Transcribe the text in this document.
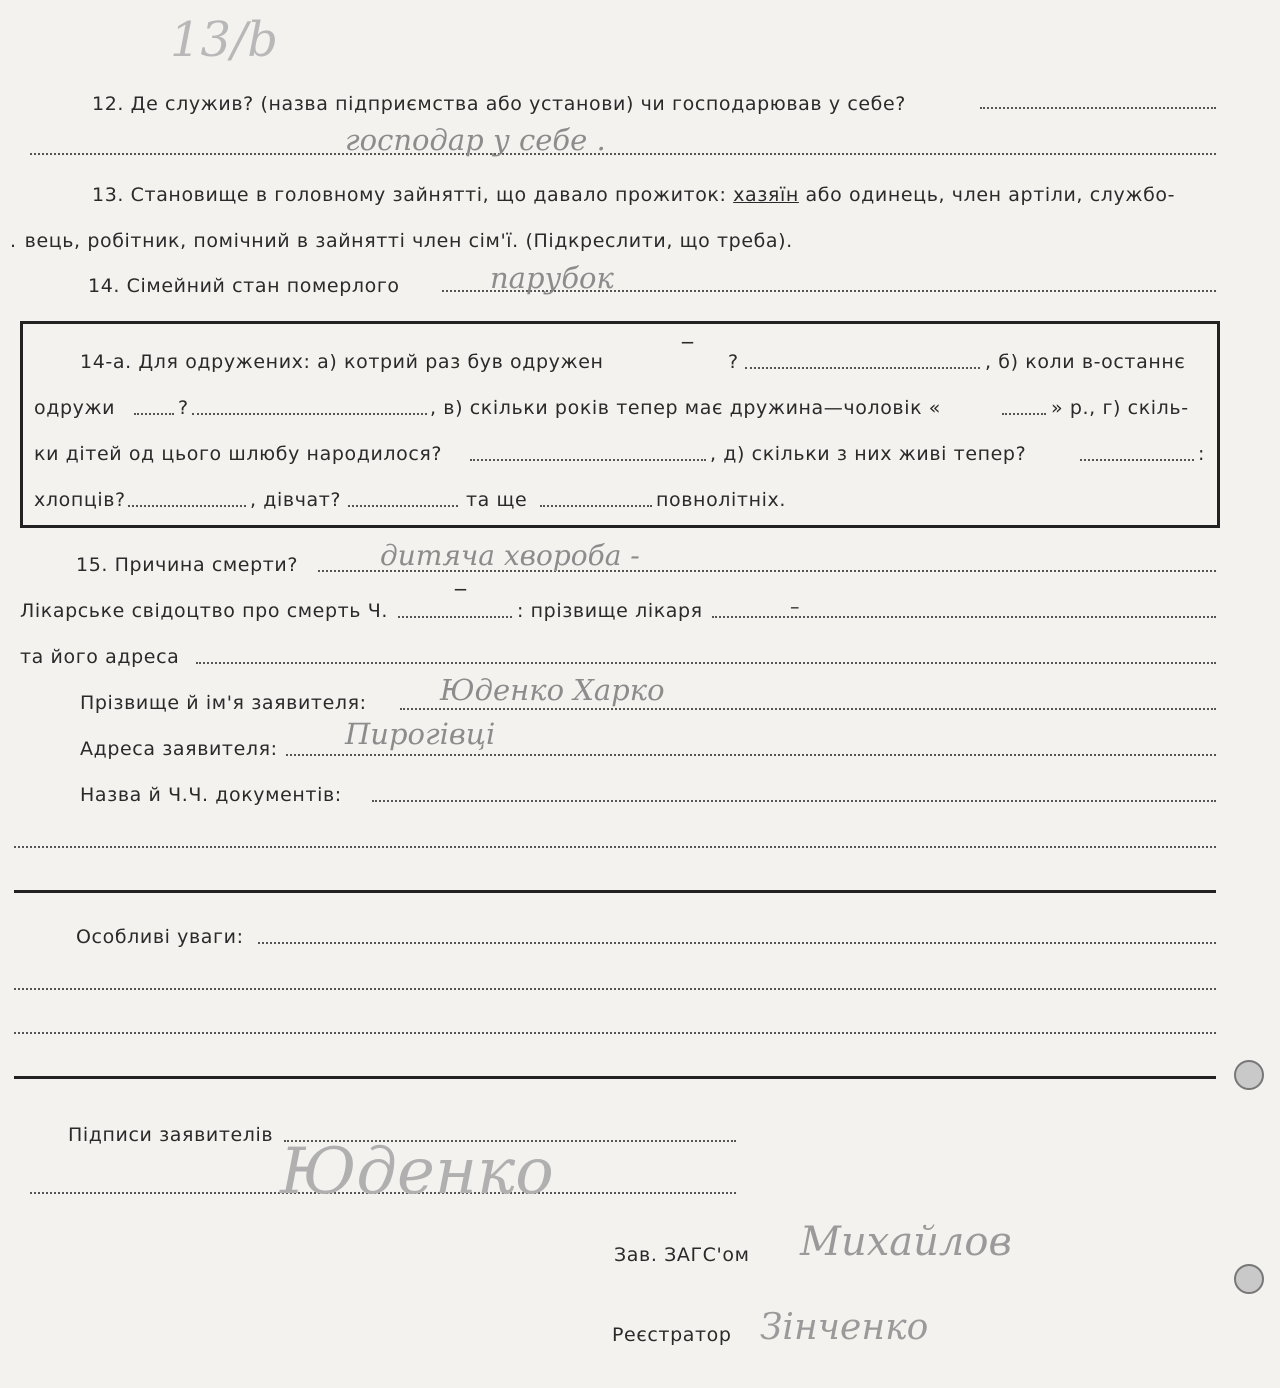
13/b
12. Де служив? (назва підприємства або установи) чи господарював у себе?
господар у себе .
13. Становище в головному зайнятті, що давало прожиток: хазяїн або одинець, член артіли, службо-
. вець, робітник, помічний в зайнятті член сім'ї. (Підкреслити, що треба).
14. Сімейний стан померлого	парубок
14-а. Для одружених: а) котрий раз був одружен	‾ ?	, б) коли в-останнє
одружи	?	, в) скільки років тепер має дружина—чоловік «	» р., г) скіль-
ки дітей од цього шлюбу народилося?	, д) скільки з них живі тепер?	:
хлопців?	, дівчат?	та ще	повнолітніх.
15. Причина смерти?	дитяча хвороба -
Лікарське свідоцтво про смерть Ч.	‾	: прізвище лікаря	–
та його адреса
Прізвище й ім'я заявителя:	Юденко Харко
Адреса заявителя: Пирогівці
Назва й Ч.Ч. документів:
Особливі уваги:
Підписи заявителів Юденко
Зав. ЗАГС'ом Михайлов
Реєстратор Зінченко
